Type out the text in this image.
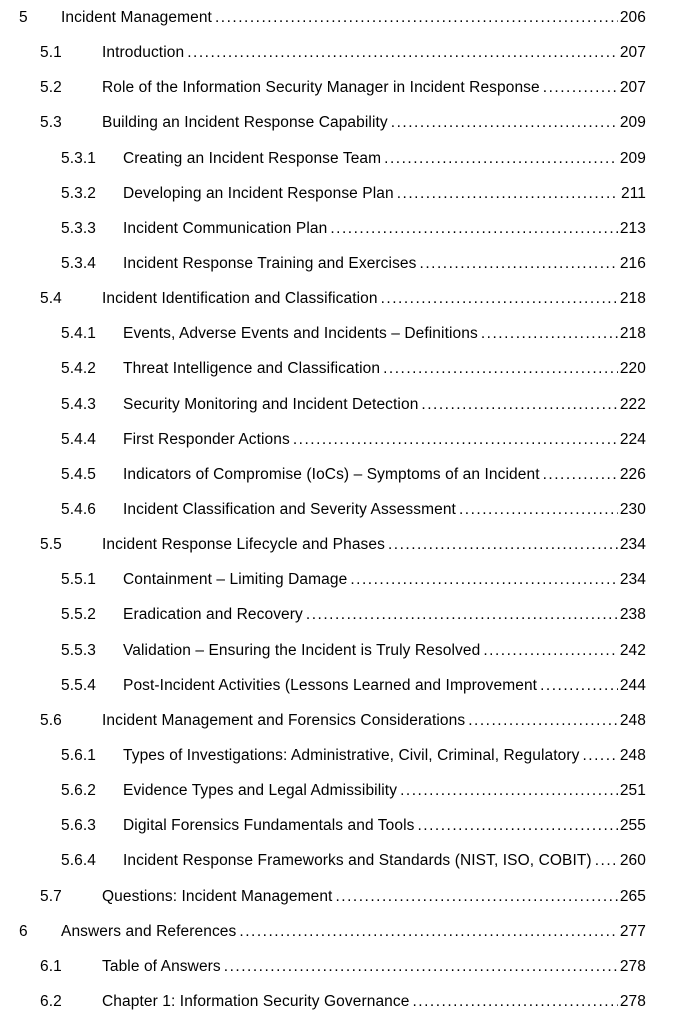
5 Incident Management . . .	206
5.1	Introduction . . .	207
5.2	Role of the Information Security Manager in Incident Response . . .	207
5.3	Building an Incident Response Capability . . .	209
5.3.1 Creating an Incident Response Team . . .	209
5.3.2 Developing an Incident Response Plan . . .	211
5.3.3 Incident Communication Plan . . .	213
5.3.4 Incident Response Training and Exercises . . .	216
5.4	Incident Identification and Classification . . .	218
5.4.1 Events, Adverse Events and Incidents – Definitions . . .	218
5.4.2 Threat Intelligence and Classification . . .	220
5.4.3 Security Monitoring and Incident Detection . . .	222
5.4.4 First Responder Actions . . .	224
5.4.5 Indicators of Compromise (IoCs) – Symptoms of an Incident . . .	226
5.4.6 Incident Classification and Severity Assessment . . .	230
5.5	Incident Response Lifecycle and Phases . . .	234
5.5.1 Containment – Limiting Damage . . .	234
5.5.2 Eradication and Recovery . . .	238
5.5.3 Validation – Ensuring the Incident is Truly Resolved . . .	242
5.5.4 Post-Incident Activities (Lessons Learned and Improvement . . .	244
5.6	Incident Management and Forensics Considerations . . .	248
5.6.1 Types of Investigations: Administrative, Civil, Criminal, Regulatory . . .	248
5.6.2 Evidence Types and Legal Admissibility . . .	251
5.6.3 Digital Forensics Fundamentals and Tools . . .	255
5.6.4 Incident Response Frameworks and Standards (NIST, ISO, COBIT) . . . 260
5.7	Questions: Incident Management . . .	265
6 Answers and References . . .	277
6.1	Table of Answers . . .	278
6.2	Chapter 1: Information Security Governance . . .	278
